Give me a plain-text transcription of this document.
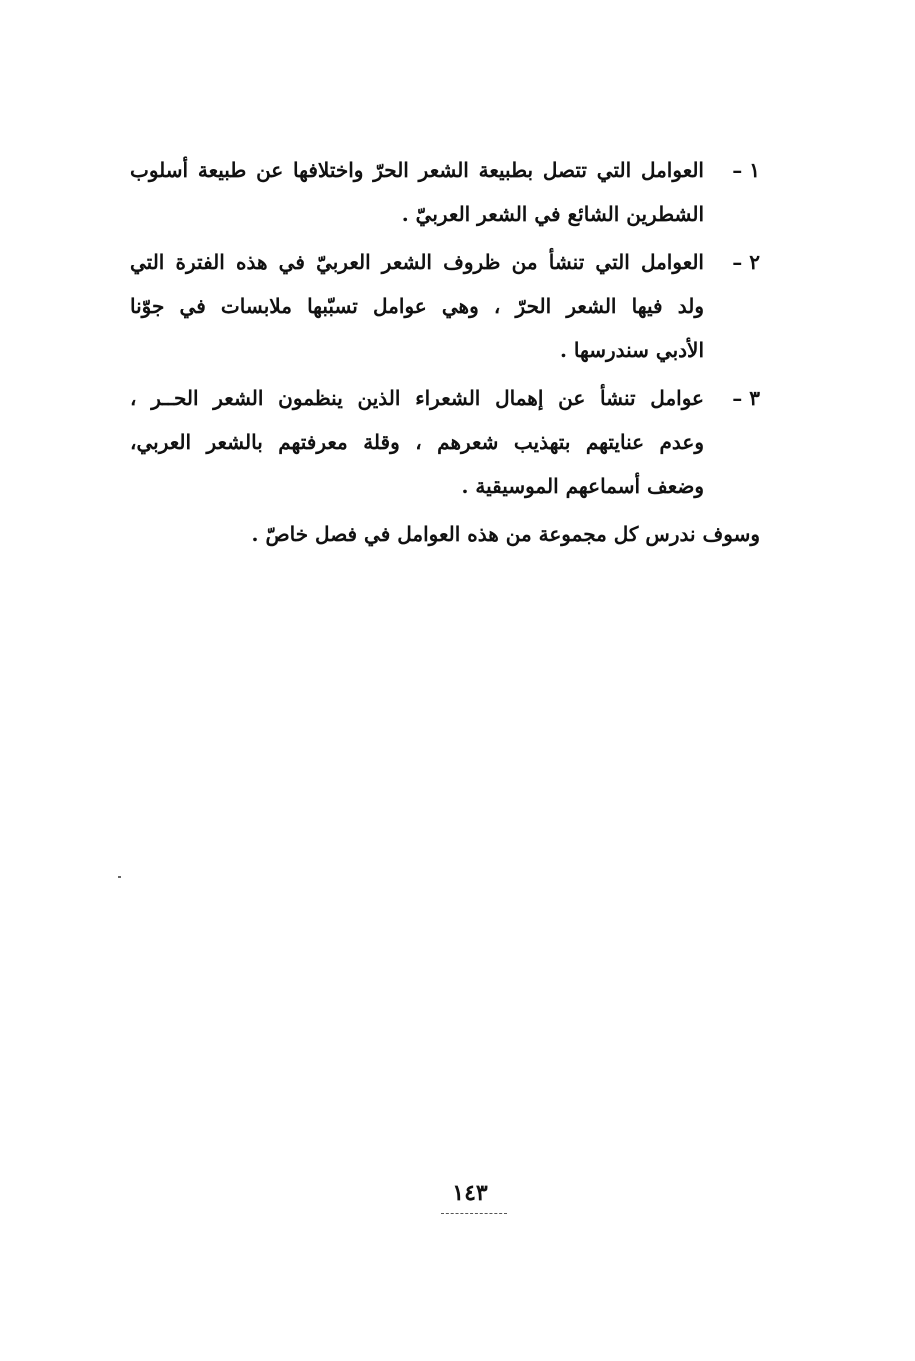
١ –
العوامل التي تتصل بطبيعة الشعر الحرّ واختلافها عن طبيعة أسلوب
الشطرين الشائع في الشعر العربيّ .
٢ –
العوامل التي تنشأ من ظروف الشعر العربيّ في هذه الفترة التي
ولد فيها الشعر الحرّ ، وهي عوامل تسبّبها ملابسات في جوّنا
الأدبي سندرسها .
٣ –
عوامل تنشأ عن إهمال الشعراء الذين ينظمون الشعر الحــر ،
وعدم عنايتهم بتهذيب شعرهم ، وقلة معرفتهم بالشعر العربي،
وضعف أسماعهم الموسيقية .
وسوف ندرس كل مجموعة من هذه العوامل في فصل خاصّ .
١٤٣
